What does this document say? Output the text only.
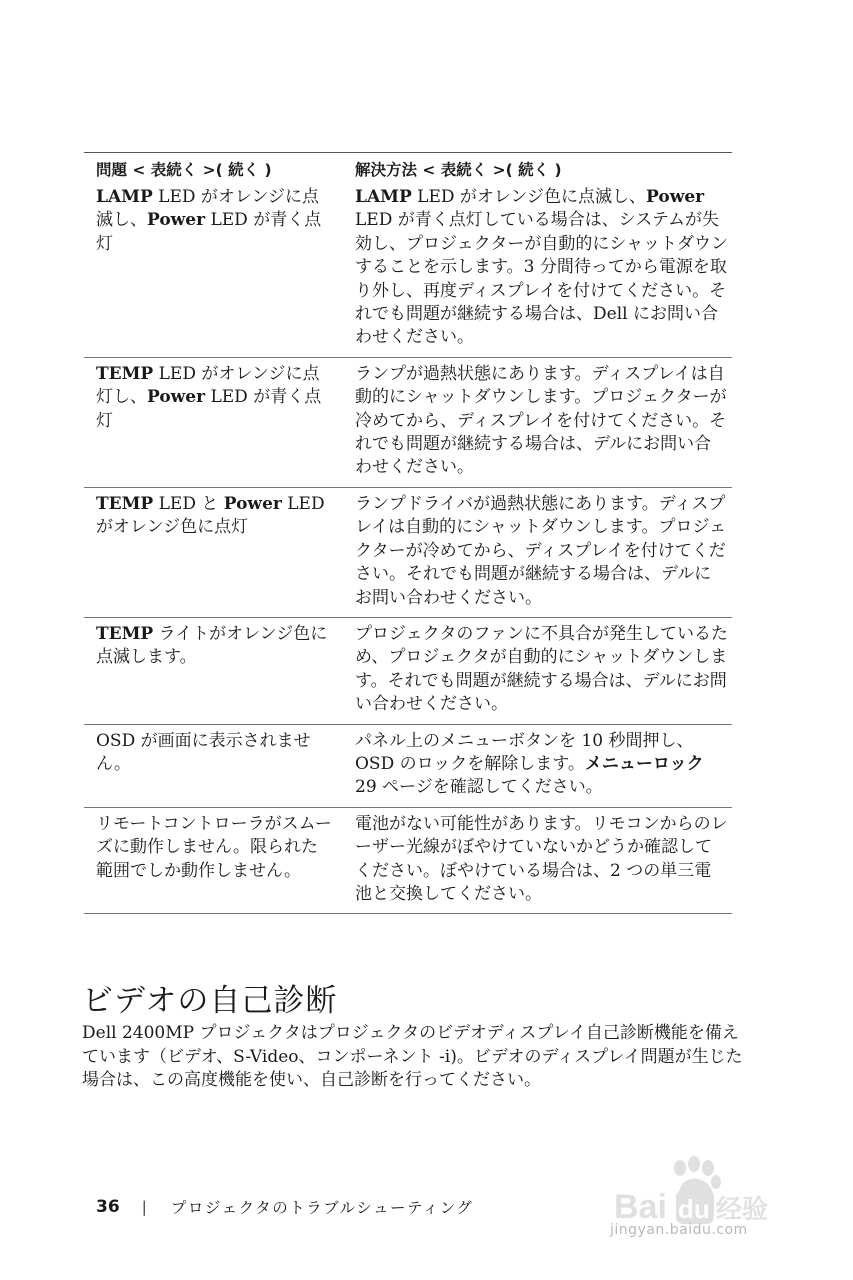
問題 < 表続く >( 続く )	解決方法 < 表続く >( 続く )
LAMP LED がオレンジに点滅し、Power LED が青く点灯
LAMP LED がオレンジ色に点滅し、Power LED が青く点灯している場合は、システムが失効し、プロジェクターが自動的にシャットダウンすることを示します。3 分間待ってから電源を取り外し、再度ディスプレイを付けてください。それでも問題が継続する場合は、Dell にお問い合わせください。
TEMP LED がオレンジに点灯し、Power LED が青く点灯
ランプが過熱状態にあります。ディスプレイは自動的にシャットダウンします。プロジェクターが冷めてから、ディスプレイを付けてください。それでも問題が継続する場合は、デルにお問い合わせください。
TEMP LED と Power LED がオレンジ色に点灯
ランプドライバが過熱状態にあります。ディスプレイは自動的にシャットダウンします。プロジェクターが冷めてから、ディスプレイを付けてください。それでも問題が継続する場合は、デルにお問い合わせください。
TEMP ライトがオレンジ色に点滅します。
プロジェクタのファンに不具合が発生しているため、プロジェクタが自動的にシャットダウンします。それでも問題が継続する場合は、デルにお問い合わせください。
OSD が画面に表示されません。
パネル上のメニューボタンを 10 秒間押し、OSD のロックを解除します。メニューロック 29 ページを確認してください。
リモートコントローラがスムーズに動作しません。限られた範囲でしか動作しません。
電池がない可能性があります。リモコンからのレーザー光線がぼやけていないかどうか確認してください。ぼやけている場合は、2 つの単三電池と交換してください。
ビデオの自己診断

Dell 2400MP プロジェクタはプロジェクタのビデオディスプレイ自己診断機能を備えています（ビデオ、S-Video、コンポーネント -i)。ビデオのディスプレイ問題が生じた場合は、この高度機能を使い、自己診断を行ってください。

36 | プロジェクタのトラブルシューティング	Bai du 经验
jingyan.baidu.com
